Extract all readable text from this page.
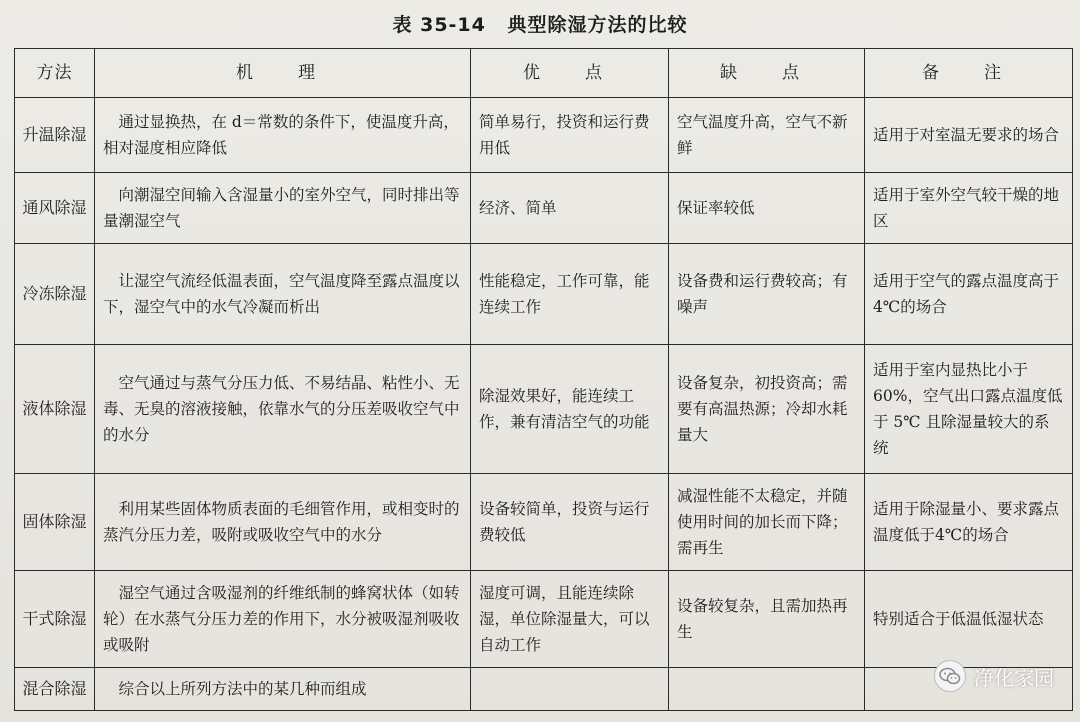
表 35-14 典型除湿方法的比较
方法	机　理	优　点	缺　点	备　注
升温除湿	通过显换热，在 d＝常数的条件下，使温度升高，相对湿度相应降低	简单易行，投资和运行费用低	空气温度升高，空气不新鲜	适用于对室温无要求的场合
通风除湿	向潮湿空间输入含湿量小的室外空气，同时排出等量潮湿空气	经济、简单	保证率较低	适用于室外空气较干燥的地区
冷冻除湿	让湿空气流经低温表面，空气温度降至露点温度以下，湿空气中的水气冷凝而析出	性能稳定，工作可靠，能连续工作	设备费和运行费较高；有噪声	适用于空气的露点温度高于4℃的场合
液体除湿	空气通过与蒸气分压力低、不易结晶、粘性小、无毒、无臭的溶液接触，依靠水气的分压差吸收空气中的水分	除湿效果好，能连续工作，兼有清洁空气的功能	设备复杂，初投资高；需要有高温热源；冷却水耗量大	适用于室内显热比小于 60%，空气出口露点温度低于 5℃ 且除湿量较大的系统
固体除湿	利用某些固体物质表面的毛细管作用，或相变时的蒸汽分压力差，吸附或吸收空气中的水分	设备较简单，投资与运行费较低	减湿性能不太稳定，并随使用时间的加长而下降；需再生	适用于除湿量小、要求露点温度低于4℃的场合
干式除湿	湿空气通过含吸湿剂的纤维纸制的蜂窝状体（如转轮）在水蒸气分压力差的作用下，水分被吸湿剂吸收或吸附	湿度可调，且能连续除湿，单位除湿量大，可以自动工作	设备较复杂，且需加热再生	特别适合于低温低湿状态
混合除湿	综合以上所列方法中的某几种而组成				净化家园
